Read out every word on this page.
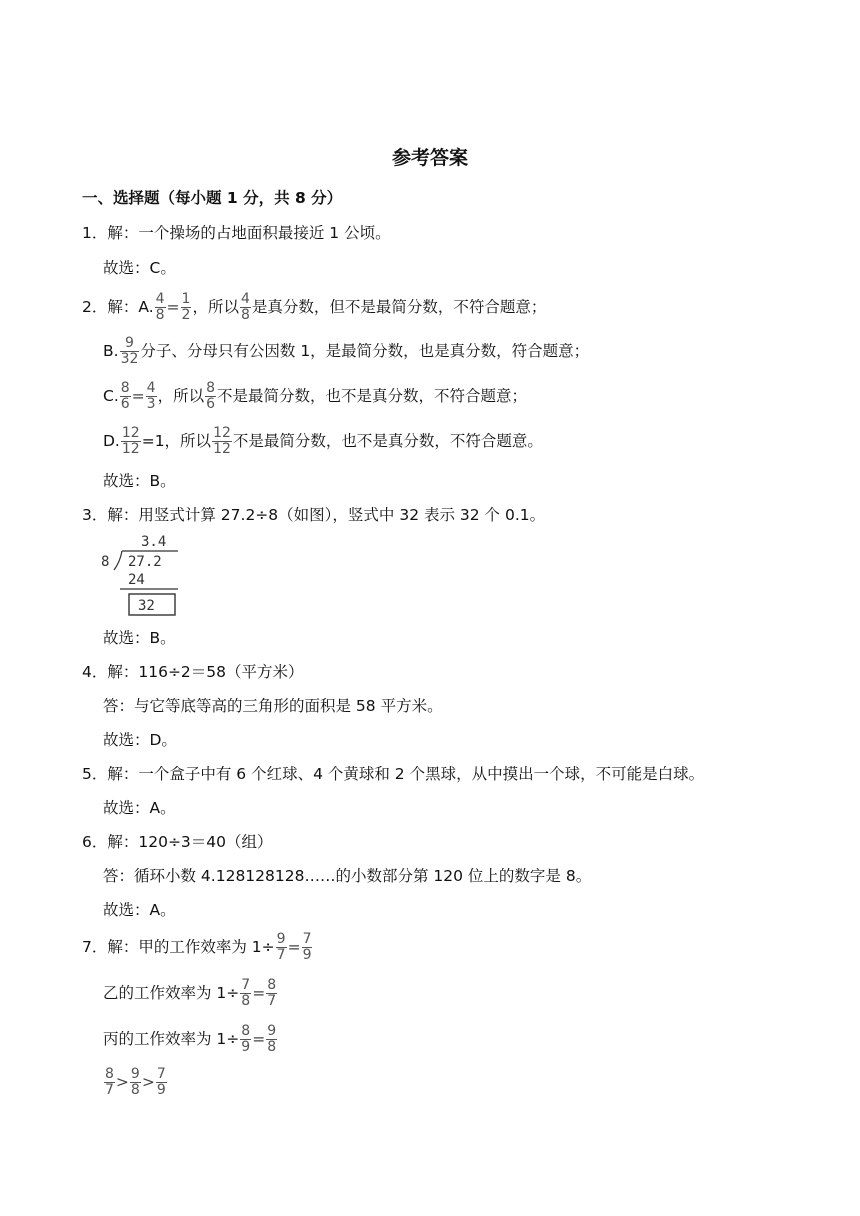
参考答案
一、选择题（每小题 1 分，共 8 分）
1．解：一个操场的占地面积最接近 1 公顷。
故选：C。
2．解：A. $\frac{4}{8} = \frac{1}{2}$ ，所以 $\frac{4}{8}$ 是真分数，但不是最简分数，不符合题意；
B. $\frac{9}{32}$ 分子、分母只有公因数 1，是最简分数，也是真分数，符合题意；
C. $\frac{8}{6} = \frac{4}{3}$ ，所以 $\frac{8}{6}$ 不是最简分数，也不是真分数，不符合题意；
D. $\frac{12}{12} =1$，所以 $\frac{12}{12}$ 不是最简分数，也不是真分数，不符合题意。
故选：B。
3．解：用竖式计算 27.2÷8（如图），竖式中 32 表示 32 个 0.1。
3.4
8 27.2
24
32
故选：B。
4．解：116÷2＝58（平方米）
答：与它等底等高的三角形的面积是 58 平方米。
故选：D。
5．解：一个盒子中有 6 个红球、4 个黄球和 2 个黑球，从中摸出一个球，不可能是白球。
故选：A。
6．解：120÷3＝40（组）
答：循环小数 4.128128128……的小数部分第 120 位上的数字是 8。
故选：A。
7．解：甲的工作效率为 $1\div \frac{9}{7} = \frac{7}{9}$
乙的工作效率为 $1\div \frac{7}{8} = \frac{8}{7}$
丙的工作效率为 $1\div \frac{8}{9} = \frac{9}{8}$
$\frac{8}{7} > \frac{9}{8} > \frac{7}{9}$
